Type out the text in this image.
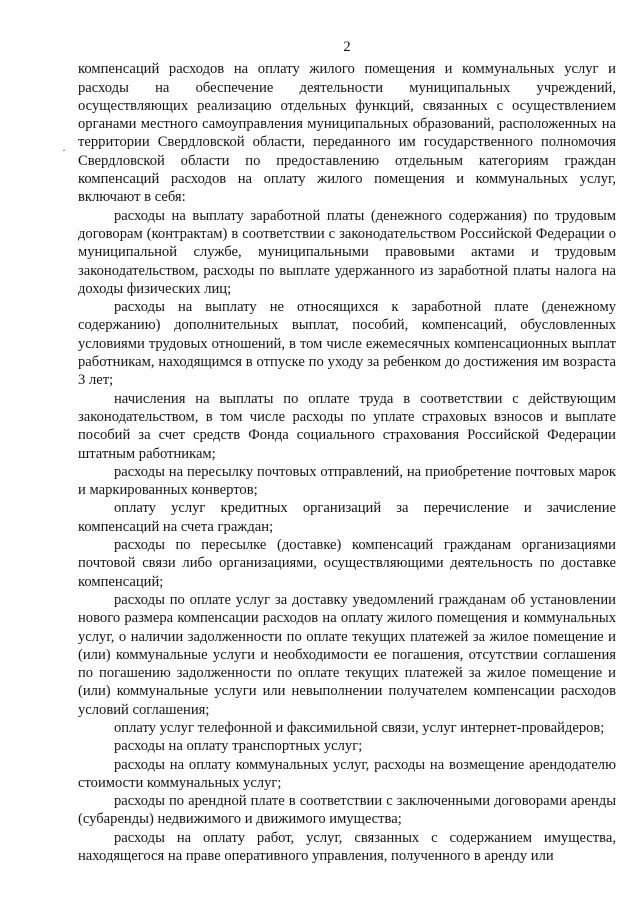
·
2

компенсаций расходов на оплату жилого помещения и коммунальных услуг и расходы на обеспечение деятельности муниципальных учреждений, осуществляющих реализацию отдельных функций, связанных с осуществлением органами местного самоуправления муниципальных образований, расположенных на территории Свердловской области, переданного им государственного полномочия Свердловской области по предоставлению отдельным категориям граждан компенсаций расходов на оплату жилого помещения и коммунальных услуг, включают в себя:

расходы на выплату заработной платы (денежного содержания) по трудовым договорам (контрактам) в соответствии с законодательством Российской Федерации о муниципальной службе, муниципальными правовыми актами и трудовым законодательством, расходы по выплате удержанного из заработной платы налога на доходы физических лиц;

расходы на выплату не относящихся к заработной плате (денежному содержанию) дополнительных выплат, пособий, компенсаций, обусловленных условиями трудовых отношений, в том числе ежемесячных компенсационных выплат работникам, находящимся в отпуске по уходу за ребенком до достижения им возраста 3 лет;

начисления на выплаты по оплате труда в соответствии с действующим законодательством, в том числе расходы по уплате страховых взносов и выплате пособий за счет средств Фонда социального страхования Российской Федерации штатным работникам;

расходы на пересылку почтовых отправлений, на приобретение почтовых марок и маркированных конвертов;

оплату услуг кредитных организаций за перечисление и зачисление компенсаций на счета граждан;

расходы по пересылке (доставке) компенсаций гражданам организациями почтовой связи либо организациями, осуществляющими деятельность по доставке компенсаций;

расходы по оплате услуг за доставку уведомлений гражданам об установлении нового размера компенсации расходов на оплату жилого помещения и коммунальных услуг, о наличии задолженности по оплате текущих платежей за жилое помещение и (или) коммунальные услуги и необходимости ее погашения, отсутствии соглашения по погашению задолженности по оплате текущих платежей за жилое помещение и (или) коммунальные услуги или невыполнении получателем компенсации расходов условий соглашения;

оплату услуг телефонной и факсимильной связи, услуг интернет-провайдеров;

расходы на оплату транспортных услуг;

расходы на оплату коммунальных услуг, расходы на возмещение арендодателю стоимости коммунальных услуг;

расходы по арендной плате в соответствии с заключенными договорами аренды (субаренды) недвижимого и движимого имущества;

расходы на оплату работ, услуг, связанных с содержанием имущества, находящегося на праве оперативного управления, полученного в аренду или
